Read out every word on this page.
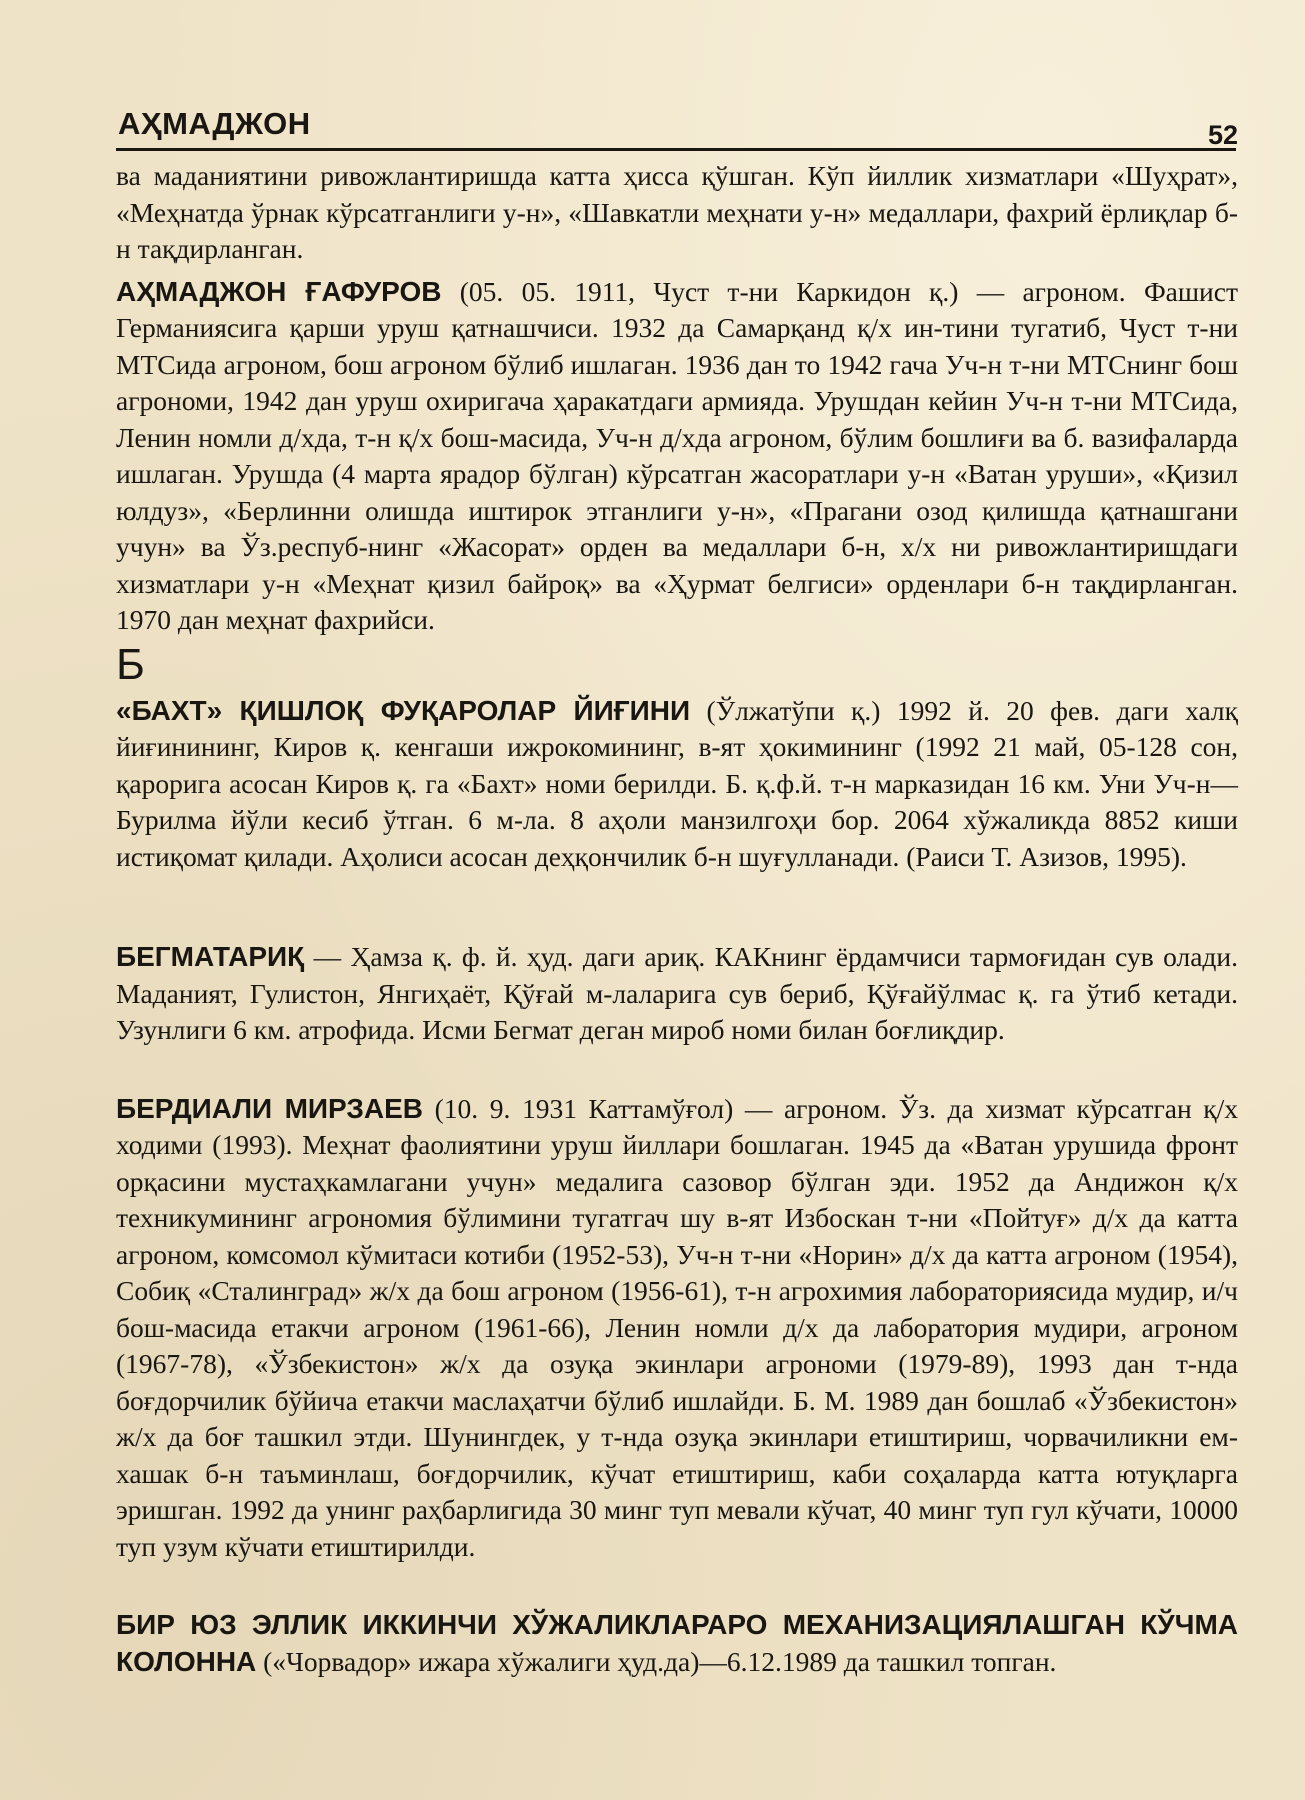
АҲМАДЖОН	52

ва маданиятини ривожлантиришда катта ҳисса қўшган. Кўп йиллик хизматлари «Шуҳрат», «Меҳнатда ўрнак кўрсатганлиги у-н», «Шавкатли меҳнати у-н» медаллари, фахрий ёрлиқлар б-н тақдирланган.

АҲМАДЖОН ҒАФУРОВ (05. 05. 1911, Чуст т-ни Каркидон қ.) — агроном. Фашист Германиясига қарши уруш қатнашчиси. 1932 да Самарқанд қ/х ин-тини тугатиб, Чуст т-ни МТСида агроном, бош агроном бўлиб ишлаган. 1936 дан то 1942 гача Уч-н т-ни МТСнинг бош агрономи, 1942 дан уруш охиригача ҳаракатдаги армияда. Урушдан кейин Уч-н т-ни МТСида, Ленин номли д/хда, т-н қ/х бош-масида, Уч-н д/хда агроном, бўлим бошлиғи ва б. вазифаларда ишлаган. Урушда (4 марта ярадор бўлган) кўрсатган жасоратлари у-н «Ватан уруши», «Қизил юлдуз», «Берлинни олишда иштирок этганлиги у-н», «Прагани озод қилишда қатнашгани учун» ва Ўз.респуб-нинг «Жасорат» орден ва медаллари б-н, х/х ни ривожлантиришдаги хизматлари у-н «Меҳнат қизил байроқ» ва «Ҳурмат белгиси» орденлари б-н тақдирланган. 1970 дан меҳнат фахрийси.

Б

«БАХТ» ҚИШЛОҚ ФУҚАРОЛАР ЙИҒИНИ (Ўлжатўпи қ.) 1992 й. 20 фев. даги халқ йиғинининг, Киров қ. кенгаши ижрокомининг, в-ят ҳокимининг (1992 21 май, 05-128 сон, қарорига асосан Киров қ. га «Бахт» номи берилди. Б. қ.ф.й. т-н марказидан 16 км. Уни Уч-н—Бурилма йўли кесиб ўтган. 6 м-ла. 8 аҳоли манзилгоҳи бор. 2064 хўжаликда 8852 киши истиқомат қилади. Аҳолиси асосан деҳқончилик б-н шуғулланади. (Раиси Т. Азизов, 1995).

БЕГМАТАРИҚ — Ҳамза қ. ф. й. ҳуд. даги ариқ. КАКнинг ёрдамчиси тармоғидан сув олади. Маданият, Гулистон, Янгиҳаёт, Қўғай м-лаларига сув бериб, Қўғайўлмас қ. га ўтиб кетади. Узунлиги 6 км. атрофида. Исми Бегмат деган мироб номи билан боғлиқдир.

БЕРДИАЛИ МИРЗАЕВ (10. 9. 1931 Каттамўғол) — агроном. Ўз. да хизмат кўрсатган қ/х ходими (1993). Меҳнат фаолиятини уруш йиллари бошлаган. 1945 да «Ватан урушида фронт орқасини мустаҳкамлагани учун» медалига сазовор бўлган эди. 1952 да Андижон қ/х техникумининг агрономия бўлимини тугатгач шу в-ят Избоскан т-ни «Пойтуғ» д/х да катта агроном, комсомол кўмитаси котиби (1952-53), Уч-н т-ни «Норин» д/х да катта агроном (1954), Собиқ «Сталинград» ж/х да бош агроном (1956-61), т-н агрохимия лабораториясида мудир, и/ч бош-масида етакчи агроном (1961-66), Ленин номли д/х да лаборатория мудири, агроном (1967-78), «Ўзбекистон» ж/х да озуқа экинлари агрономи (1979-89), 1993 дан т-нда боғдорчилик бўйича етакчи маслаҳатчи бўлиб ишлайди. Б. М. 1989 дан бошлаб «Ўзбекистон» ж/х да боғ ташкил этди. Шунингдек, у т-нда озуқа экинлари етиштириш, чорвачиликни ем-хашак б-н таъминлаш, боғдорчилик, кўчат етиштириш, каби соҳаларда катта ютуқларга эришган. 1992 да унинг раҳбарлигида 30 минг туп мевали кўчат, 40 минг туп гул кўчати, 10000 туп узум кўчати етиштирилди.

БИР ЮЗ ЭЛЛИК ИККИНЧИ ХЎЖАЛИКЛАРАРО МЕХАНИЗАЦИЯЛАШГАН КЎЧМА КОЛОННА («Чорвадор» ижара хўжалиги ҳуд.да)—6.12.1989 да ташкил топган.
